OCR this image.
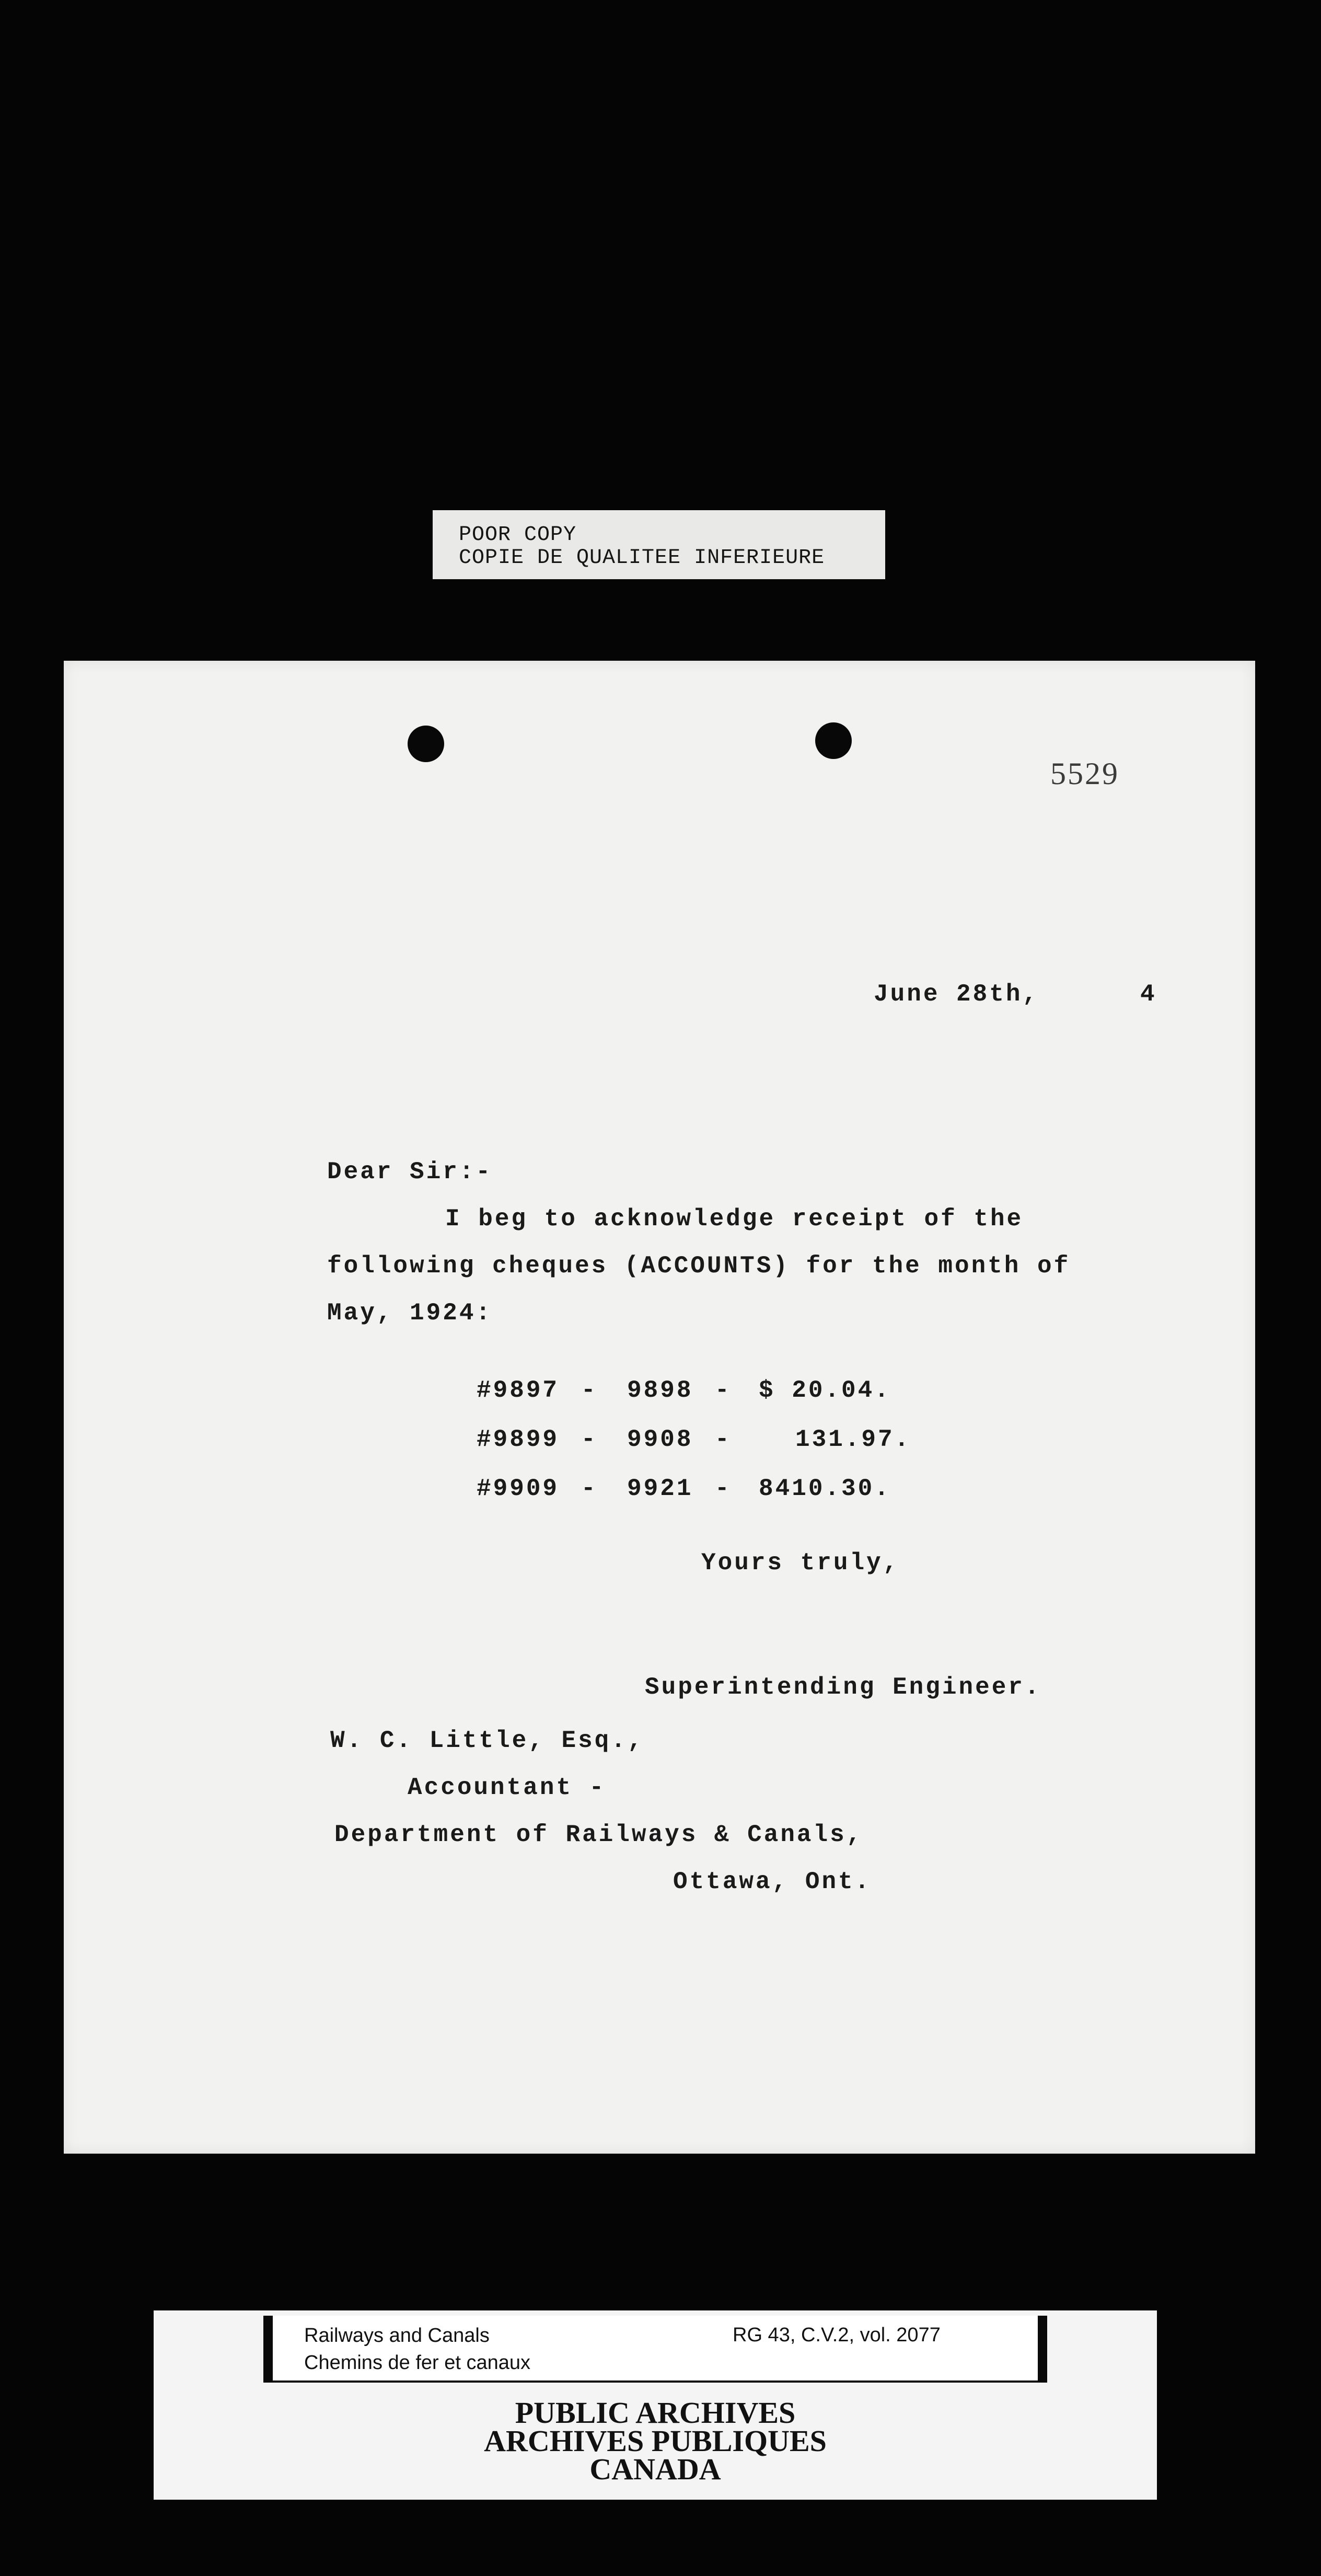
POOR COPY
COPIE DE QUALITEE INFERIEURE
5529
June 28th,	4
Dear Sir:-
I beg to acknowledge receipt of the
following cheques (ACCOUNTS) for the month of
May, 1924:
#9897 - 9898 - $ 20.04.
#9899 - 9908 -	131.97.
#9909 - 9921 - 8410.30.
Yours truly,
Superintending Engineer.
W. C. Little, Esq.,
Accountant -
Department of Railways & Canals,
Ottawa, Ont.
Railways and Canals
Chemins de fer et canaux
RG 43, C.V.2, vol. 2077
PUBLIC ARCHIVES
ARCHIVES PUBLIQUES
CANADA
